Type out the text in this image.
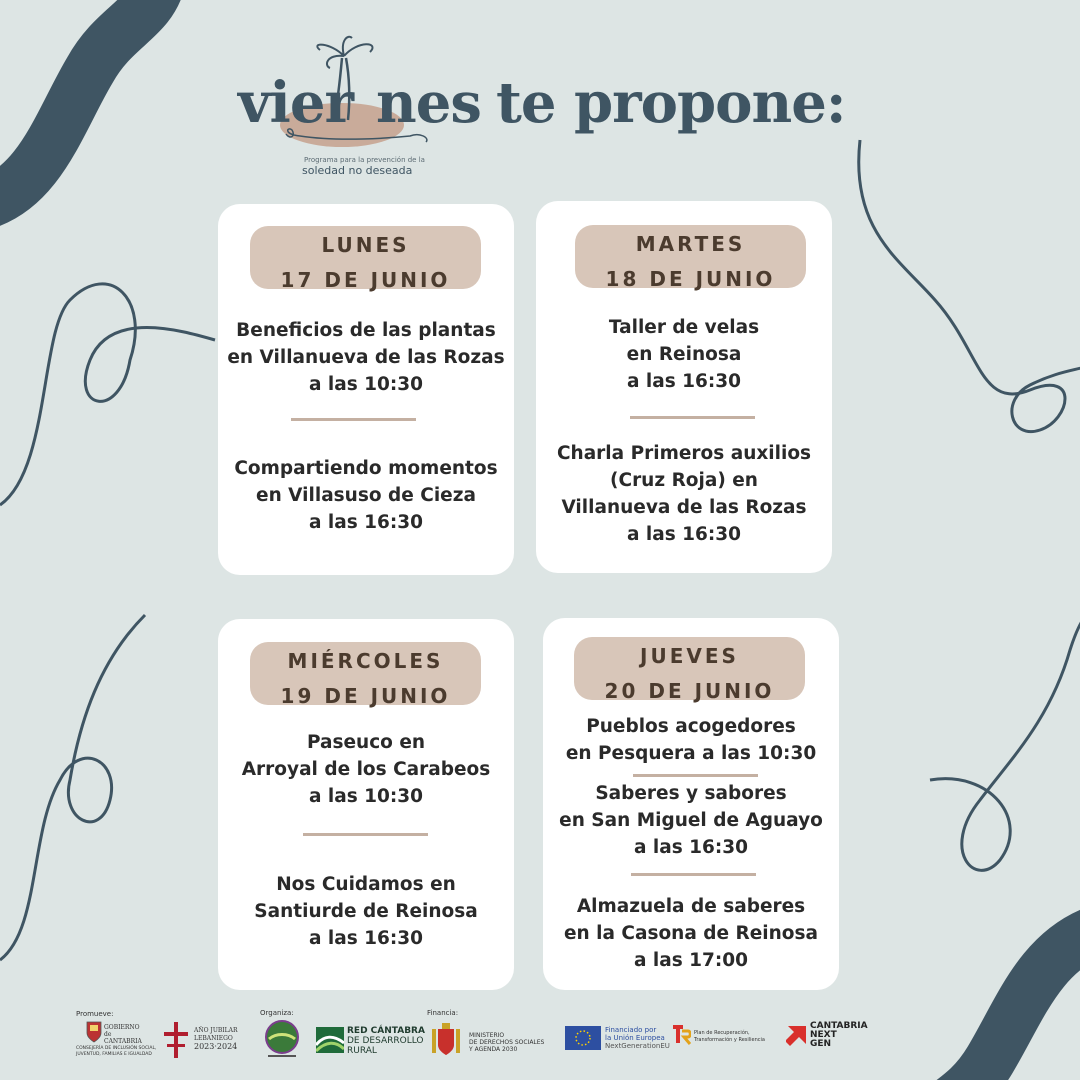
vier nes te propone:
Programa para la prevención de la
soledad no deseada
LUNES
17 DE JUNIO
Beneficios de las plantas
en Villanueva de las Rozas
a las 10:30
Compartiendo momentos
en Villasuso de Cieza
a las 16:30
MARTES
18 DE JUNIO
Taller de velas
en Reinosa
a las 16:30
Charla Primeros auxilios
(Cruz Roja) en
Villanueva de las Rozas
a las 16:30
MIÉRCOLES
19 DE JUNIO
Paseuco en
Arroyal de los Carabeos
a las 10:30
Nos Cuidamos en
Santiurde de Reinosa
a las 16:30
JUEVES
20 DE JUNIO
Pueblos acogedores
en Pesquera a las 10:30
Saberes y sabores
en San Miguel de Aguayo
a las 16:30
Almazuela de saberes
en la Casona de Reinosa
a las 17:00
Promueve:
GOBIERNO
de
CANTABRIA
CONSEJERÍA DE INCLUSIÓN SOCIAL,
JUVENTUD, FAMILIAS E IGUALDAD
AÑO JUBILAR
LEBANIEGO
2023·2024
Organiza:
RED CÁNTABRA
DE DESARROLLO
RURAL
Financia:
MINISTERIO
DE DERECHOS SOCIALES
Y AGENDA 2030
Financiado por
la Unión Europea
NextGenerationEU
Plan de Recuperación,
Transformación y Resiliencia
CANTABRIA
NEXT
GEN
